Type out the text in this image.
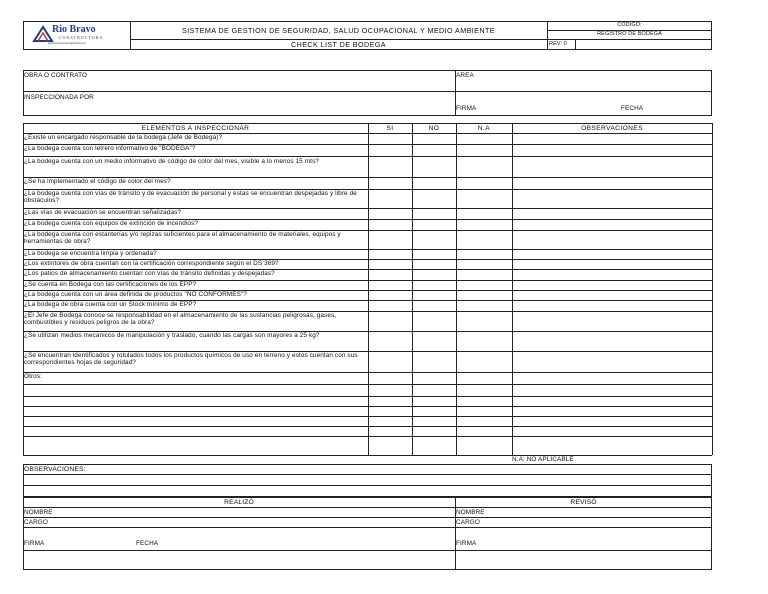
Rio Bravo
CONSTRUCTORA
www.constructorariobravo.cl
SISTEMA DE GESTION DE SEGURIDAD, SALUD OCUPACIONAL Y MEDIO AMBIENTE
CHECK LIST DE BODEGA
CODIGO:
REGISTRO DE BODEGA
REV: 0
OBRA O CONTRATO	AREA
INSPECCIONADA POR
FIRMA	FECHA
ELEMENTOS A INSPECCIONAR	SI	NO	N.A	OBSERVACIONES
¿Existe un encargado responsable de la bodega (Jefe de Bodega)?
¿La bodega cuenta con letrero informativo de "BODEGA"?
¿La bodega cuenta con un medio informativo de código de color del mes, visible a lo menos 15 mts?
¿Se ha implementado el código de color del mes?
¿La bodega cuenta con vías de tránsito y de evacuación de personal y estas se encuentran despejadas y libre de obstáculos?
¿Las vías de evacuación se encuentran señalizadas?
¿La bodega cuenta con equipos de extinción de incendios?
¿La bodega cuenta con estanterías y/o repizas suficientes para el almacenamiento de materiales, equipos y herramientas de obra?
¿La bodega se encuentra limpia y ordenada?
¿Los extintores de obra cuentan con la certificación correspondiente según el DS 369?
¿Los patios de almacenamiento cuentan con vías de tránsito definidas y despejadas?
¿Se cuenta en Bodega con las certificaciones de los EPP?
¿La bodega cuenta con un área definida de productos "NO CONFORMES"?
¿La bodega de obra cuenta con un Stock mínimo de EPP?
¿El Jefe de Bodega conoce se responsabilidad en el almacenamiento de las sustancias peligrosas, gases, combustibles y residuos peligros de la obra?
¿Se utilizan medios mecanicos de manipulación y traslado, cuando las cargas son mayores a 25 kg?
¿Se encuentran identificados y rotulados todos los productos químicos de uso en terreno y estos cuentan con sus correspondientes hojas de seguridad?
Otros:
N.A: NO APLICABLE
OBSERVACIONES:
REALIZÓ	REVISÓ
NOMBRE	NOMBRE
CARGO	CARGO
FIRMA	FECHA	FIRMA
